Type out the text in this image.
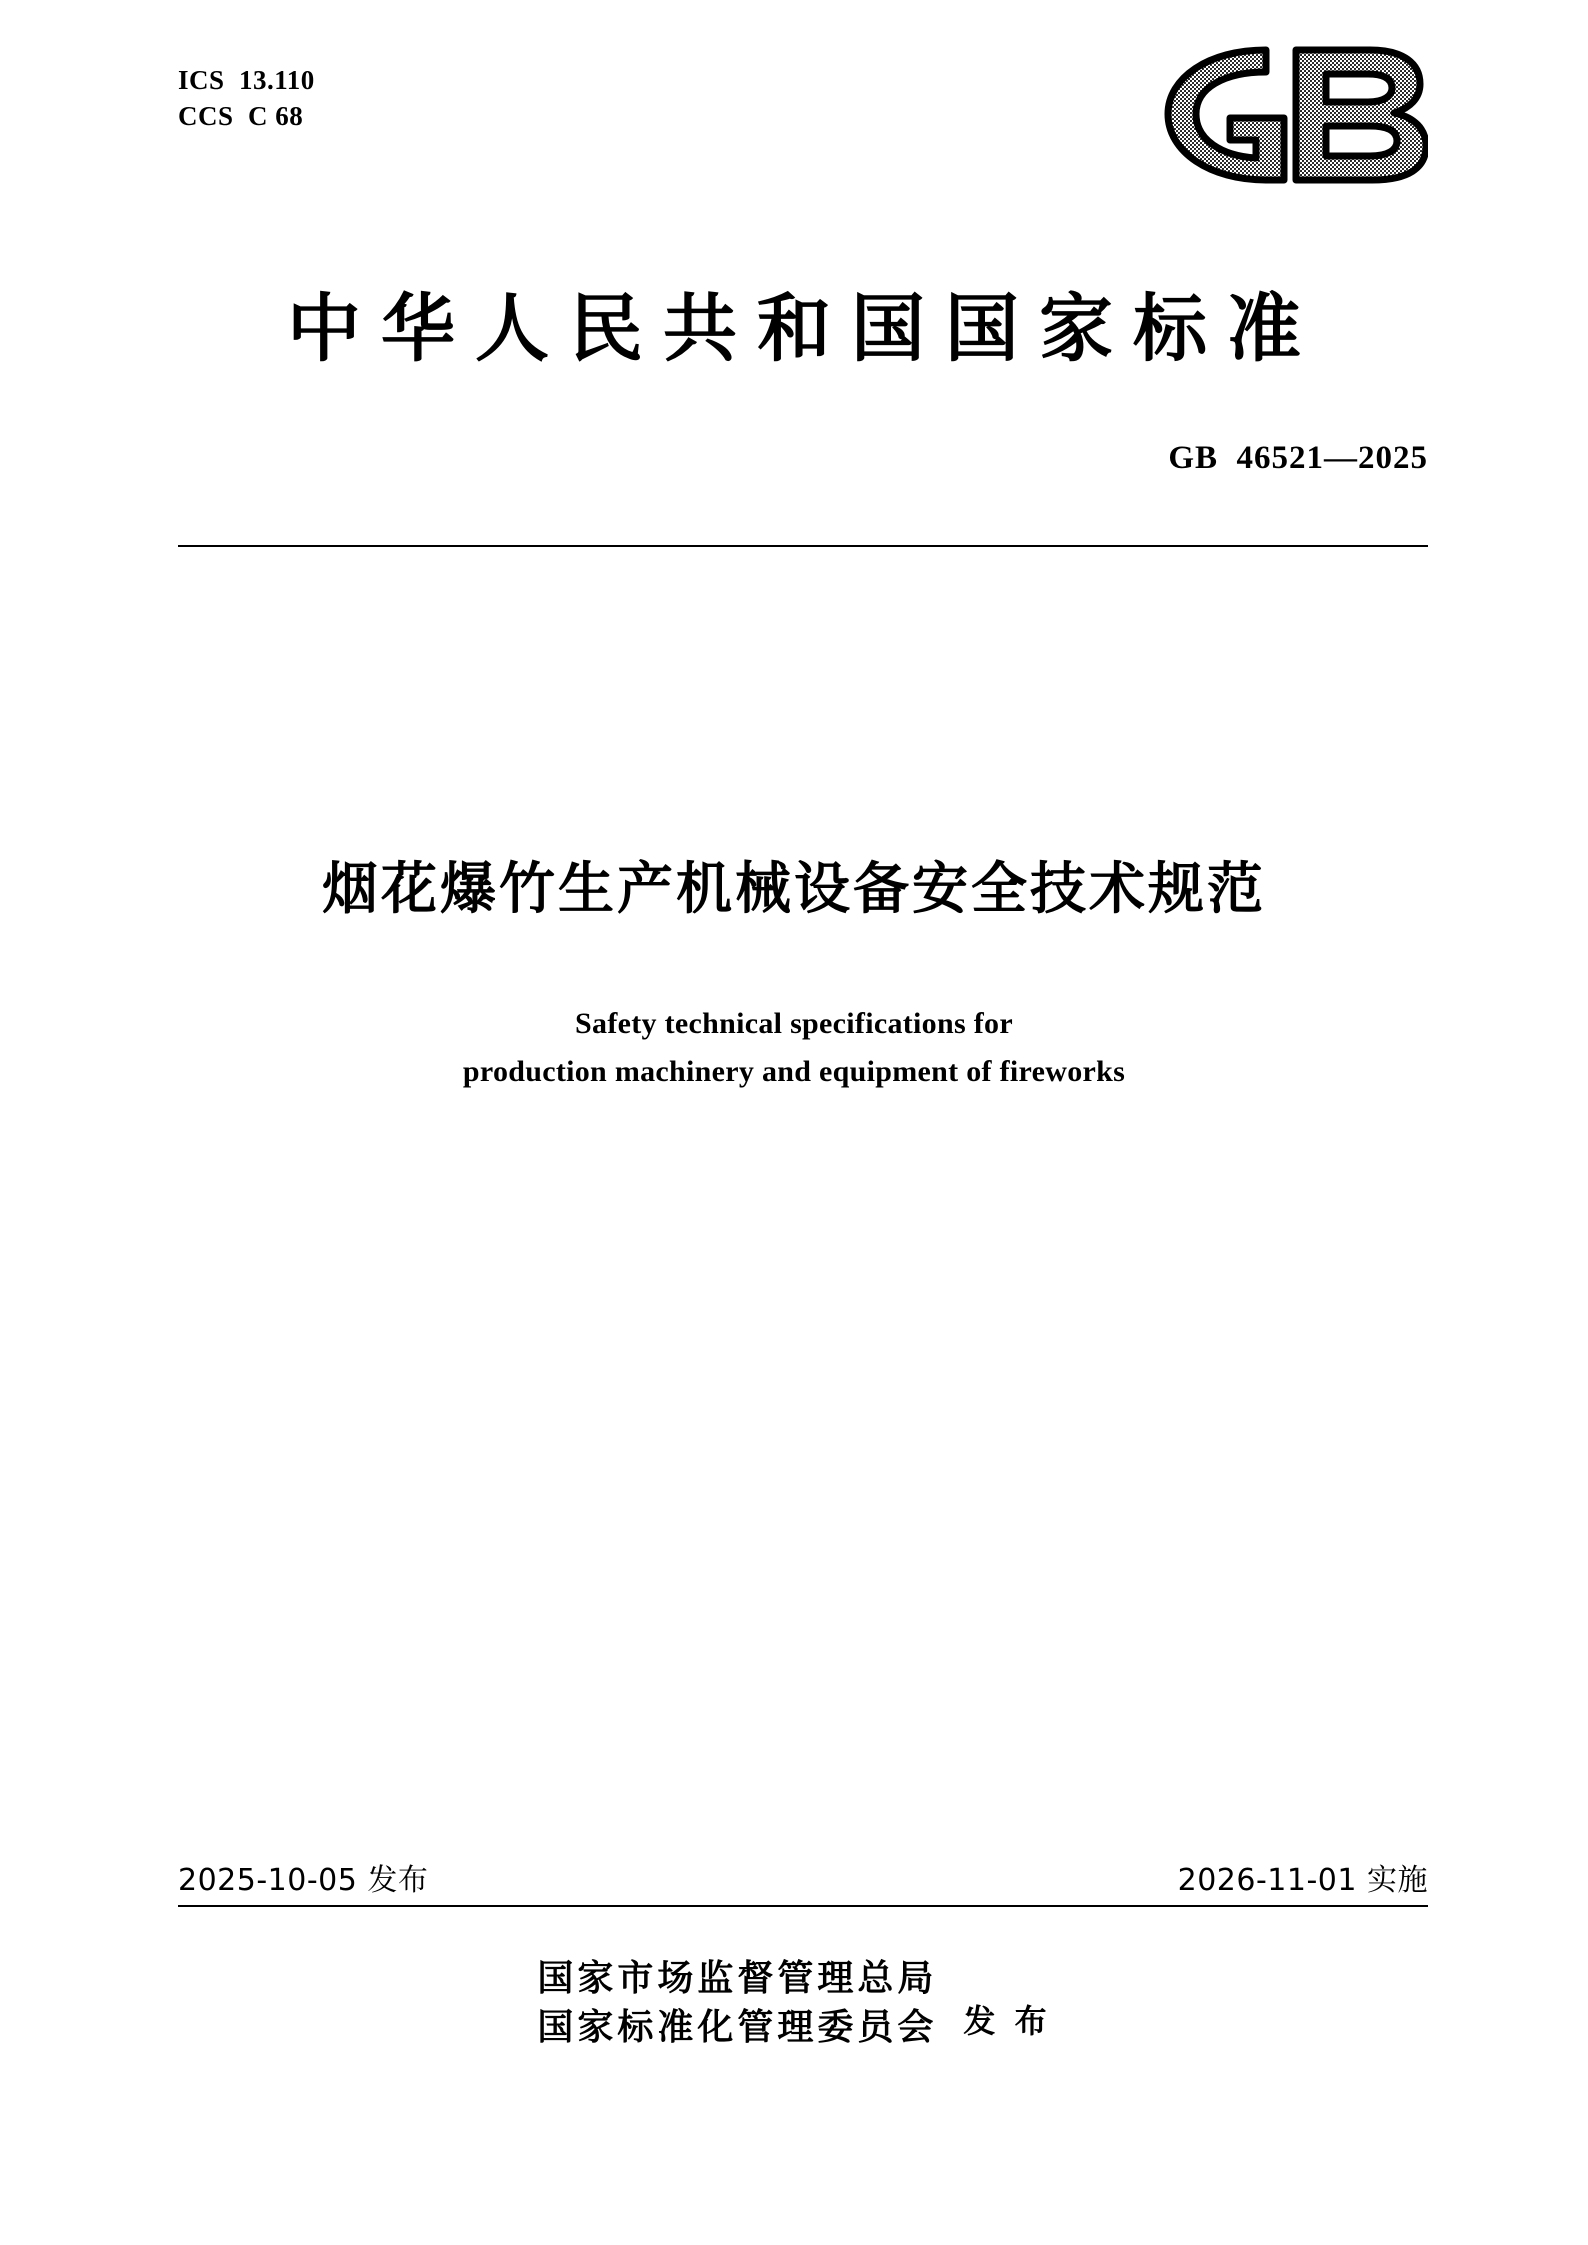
ICS  13.110
CCS  C 68
中华人民共和国国家标准
GB  46521—2025
烟花爆竹生产机械设备安全技术规范
Safety technical specifications for
production machinery and equipment of fireworks
2025-10-05 发布	2026-11-01 实施
国家市场监督管理总局
国家标准化管理委员会 发 布
